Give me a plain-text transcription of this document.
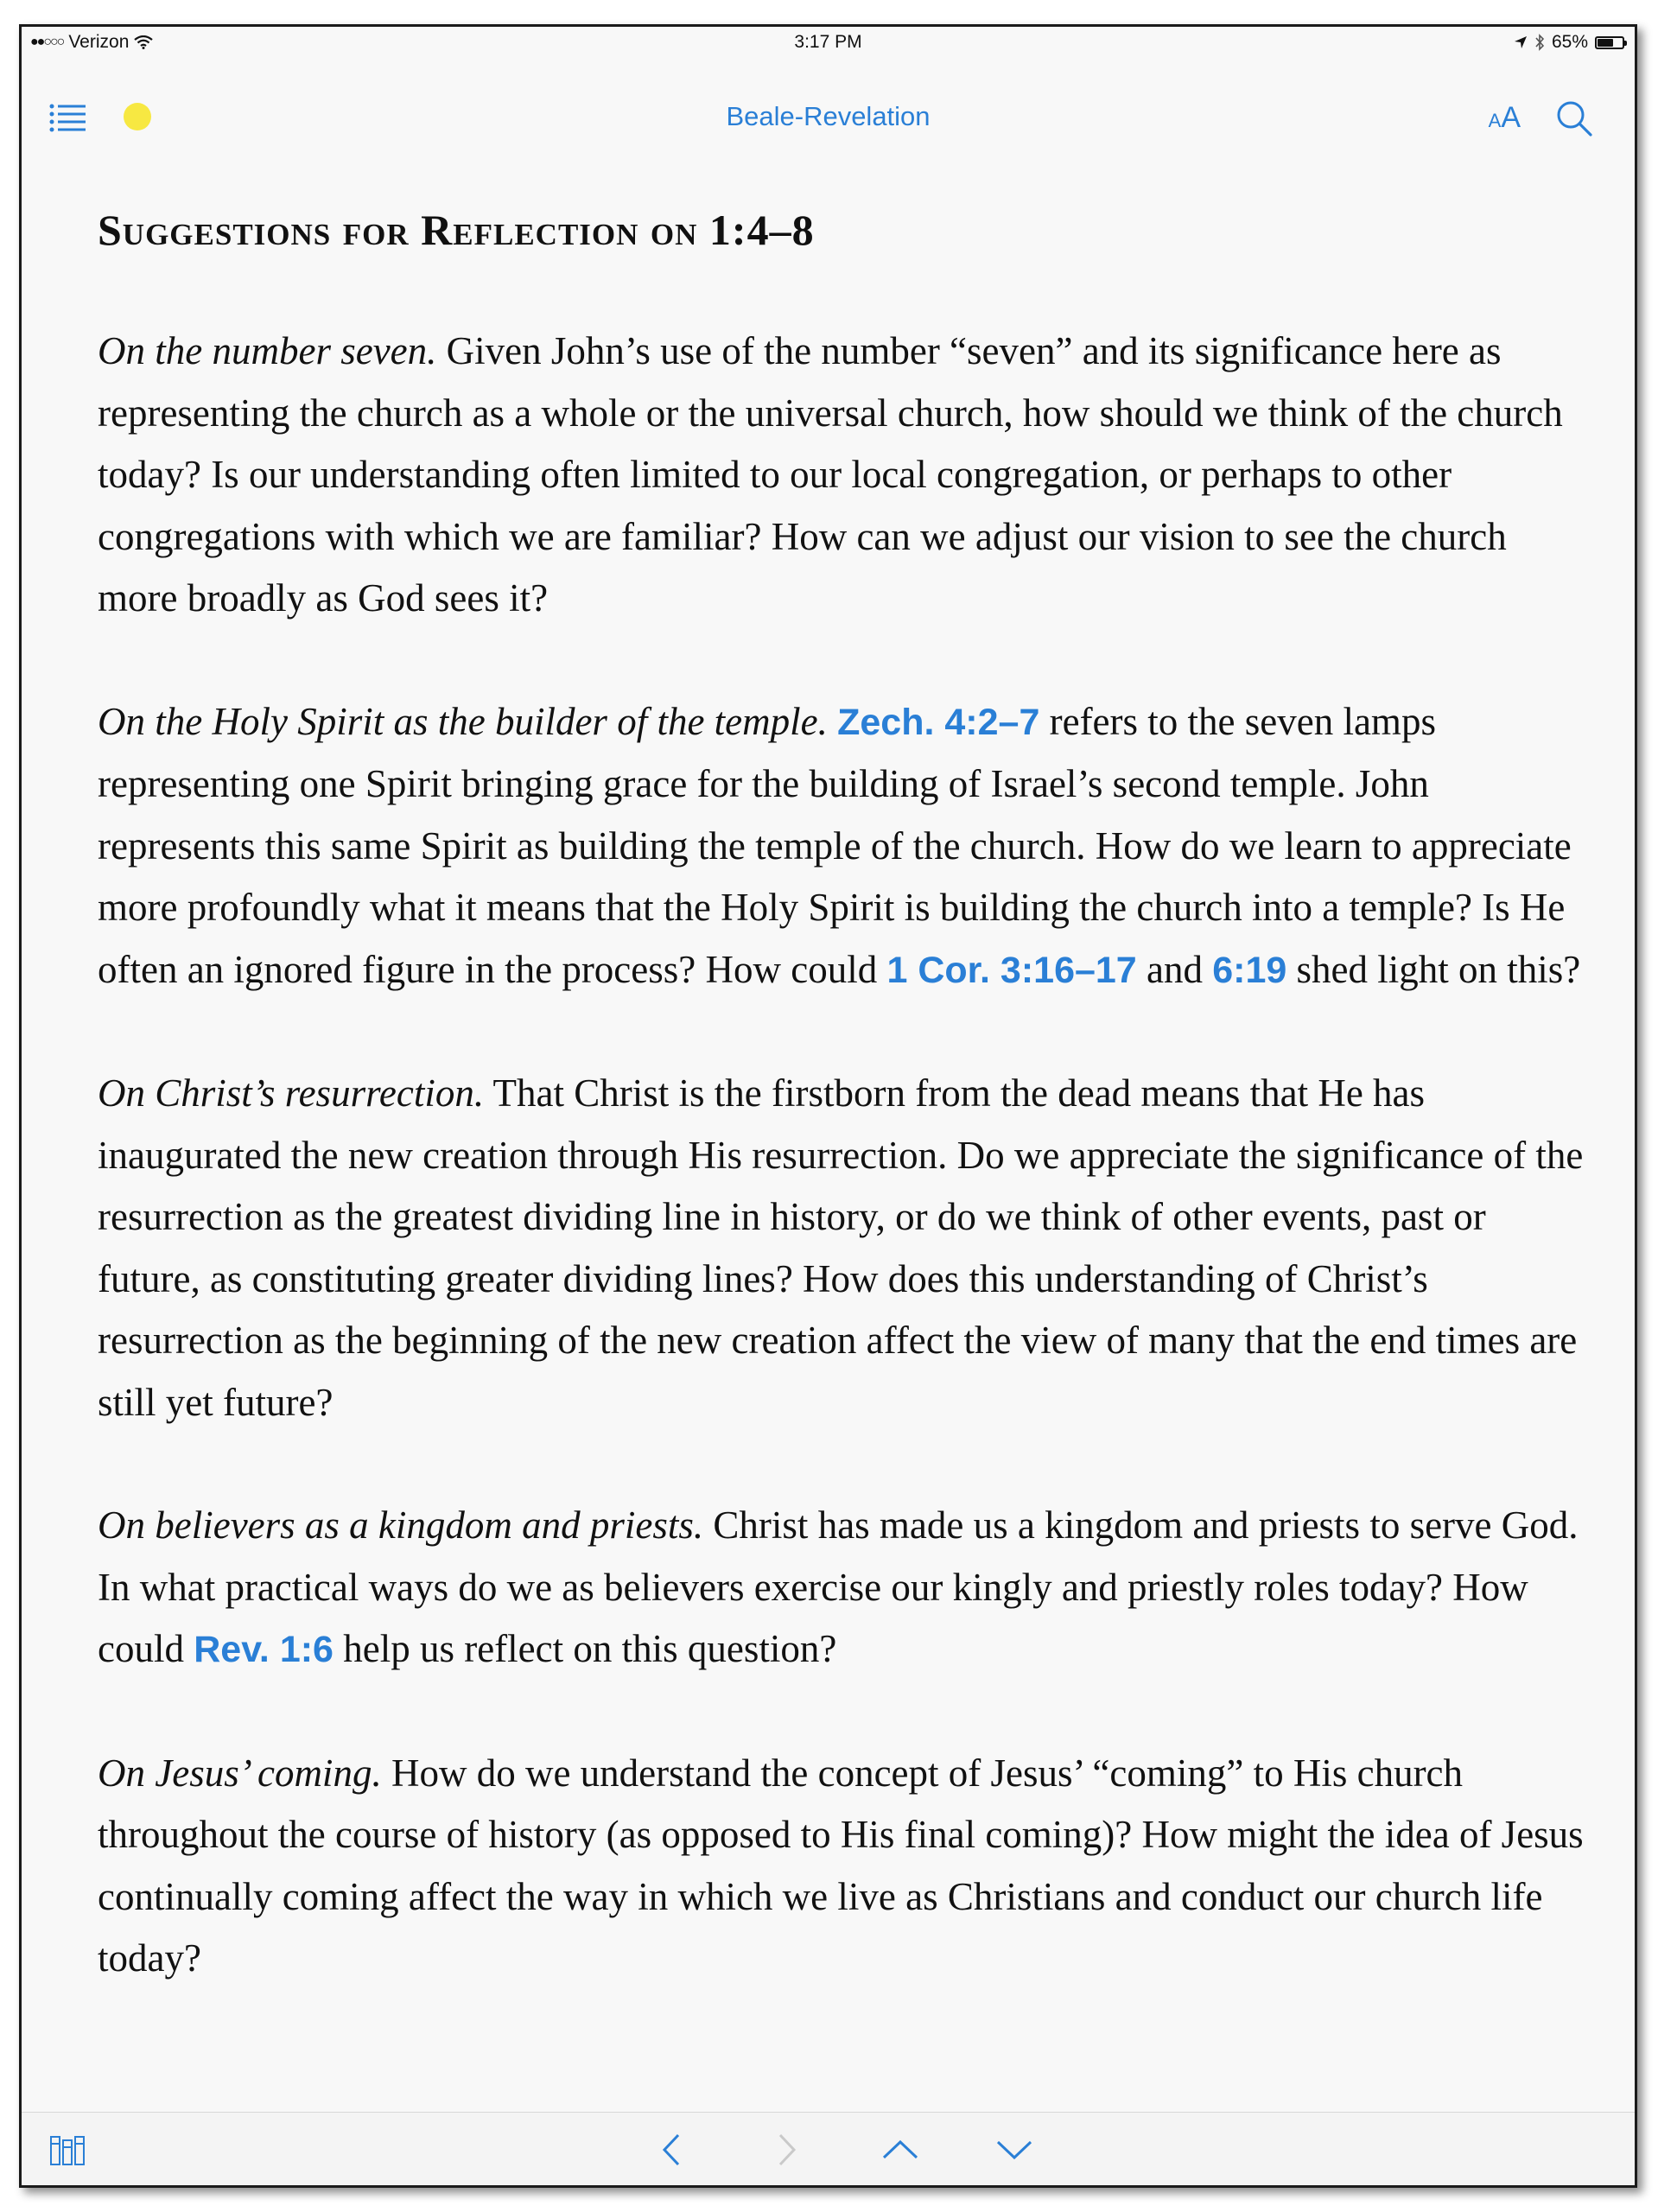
●●○○○ Verizon	3:17 PM	65%
Beale-Revelation	AA
Suggestions for Reflection on 1:4–8

On the number seven. Given John’s use of the number “seven” and its significance here as representing the church as a whole or the universal church, how should we think of the church today? Is our understanding often limited to our local congregation, or perhaps to other congregations with which we are familiar? How can we adjust our vision to see the church more broadly as God sees it?

On the Holy Spirit as the builder of the temple. Zech. 4:2–7 refers to the seven lamps representing one Spirit bringing grace for the building of Israel’s second temple. John represents this same Spirit as building the temple of the church. How do we learn to appreciate more profoundly what it means that the Holy Spirit is building the church into a temple? Is He often an ignored figure in the process? How could 1 Cor. 3:16–17 and 6:19 shed light on this?

On Christ’s resurrection. That Christ is the firstborn from the dead means that He has inaugurated the new creation through His resurrection. Do we appreciate the significance of the resurrection as the greatest dividing line in history, or do we think of other events, past or future, as constituting greater dividing lines? How does this understanding of Christ’s resurrection as the beginning of the new creation affect the view of many that the end times are still yet future?

On believers as a kingdom and priests. Christ has made us a kingdom and priests to serve God. In what practical ways do we as believers exercise our kingly and priestly roles today? How could Rev. 1:6 help us reflect on this question?

On Jesus’ coming. How do we understand the concept of Jesus’ “coming” to His church throughout the course of history (as opposed to His final coming)? How might the idea of Jesus continually coming affect the way in which we live as Christians and conduct our church life today?
